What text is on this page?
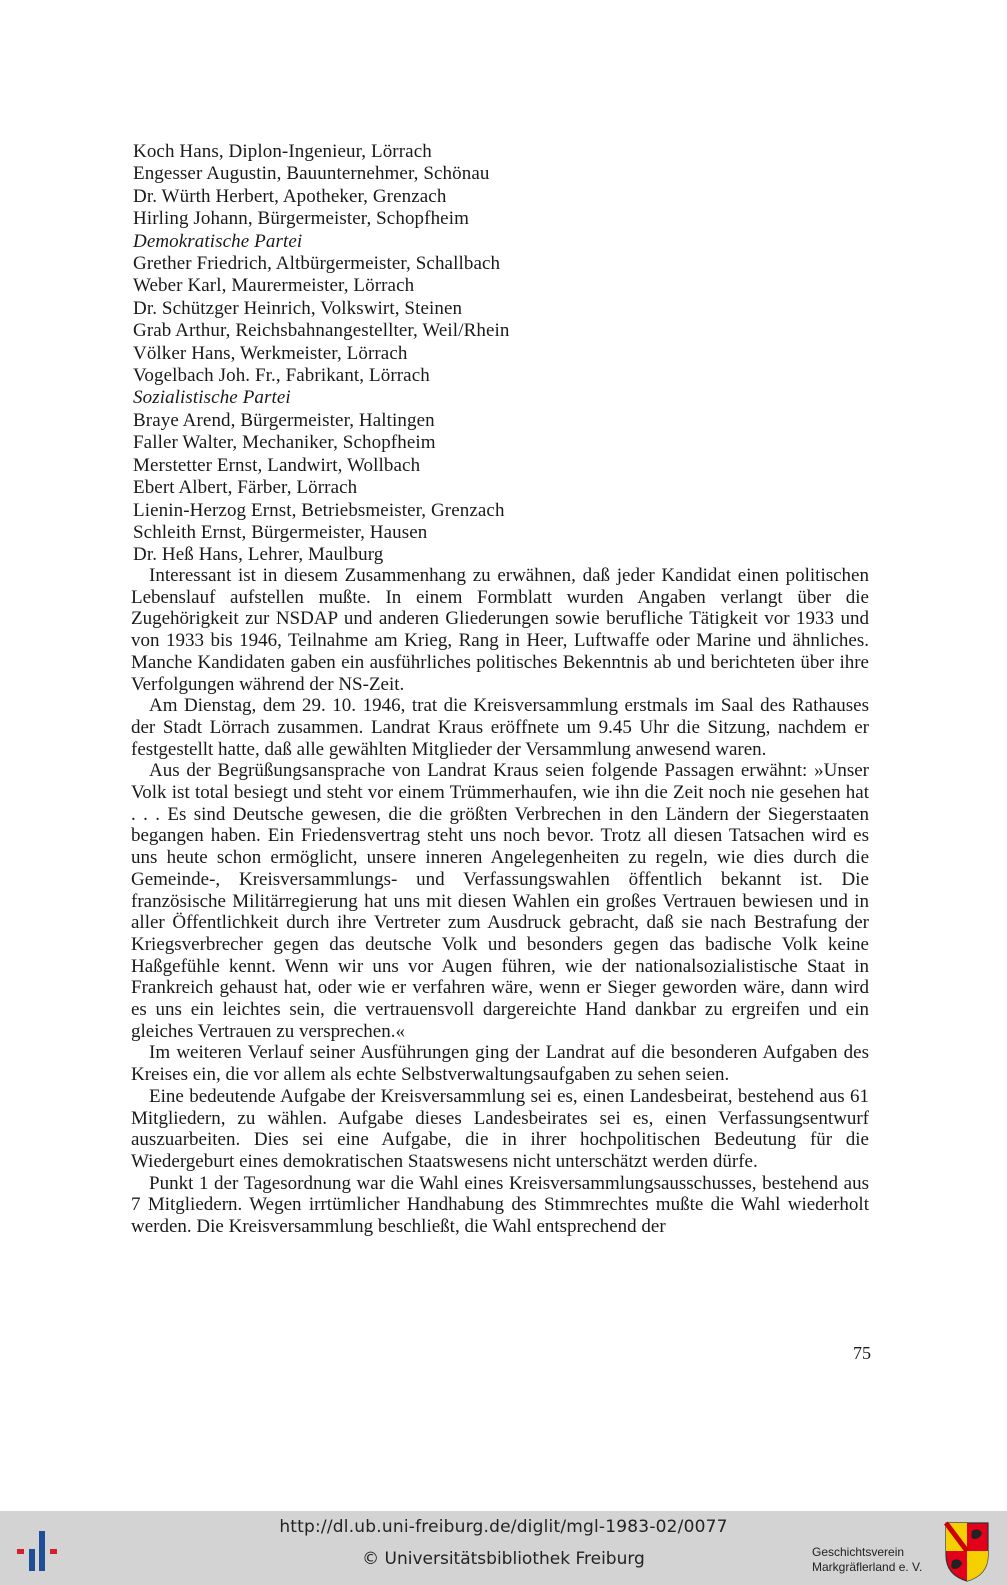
Koch Hans, Diplon-Ingenieur, Lörrach
Engesser Augustin, Bauunternehmer, Schönau
Dr. Würth Herbert, Apotheker, Grenzach
Hirling Johann, Bürgermeister, Schopfheim
Demokratische Partei
Grether Friedrich, Altbürgermeister, Schallbach
Weber Karl, Maurermeister, Lörrach
Dr. Schützger Heinrich, Volkswirt, Steinen
Grab Arthur, Reichsbahnangestellter, Weil/Rhein
Völker Hans, Werkmeister, Lörrach
Vogelbach Joh. Fr., Fabrikant, Lörrach
Sozialistische Partei
Braye Arend, Bürgermeister, Haltingen
Faller Walter, Mechaniker, Schopfheim
Merstetter Ernst, Landwirt, Wollbach
Ebert Albert, Färber, Lörrach
Lienin-Herzog Ernst, Betriebsmeister, Grenzach
Schleith Ernst, Bürgermeister, Hausen
Dr. Heß Hans, Lehrer, Maulburg

Interessant ist in diesem Zusammenhang zu erwähnen, daß jeder Kandidat einen politischen Lebenslauf aufstellen mußte. In einem Formblatt wurden Angaben verlangt über die Zugehörigkeit zur NSDAP und anderen Gliederungen sowie berufliche Tätigkeit vor 1933 und von 1933 bis 1946, Teilnahme am Krieg, Rang in Heer, Luftwaffe oder Marine und ähnliches. Manche Kandidaten gaben ein ausführliches politisches Bekenntnis ab und berichteten über ihre Verfolgungen während der NS-Zeit.

Am Dienstag, dem 29. 10. 1946, trat die Kreisversammlung erstmals im Saal des Rathauses der Stadt Lörrach zusammen. Landrat Kraus eröffnete um 9.45 Uhr die Sitzung, nachdem er festgestellt hatte, daß alle gewählten Mitglieder der Versammlung anwesend waren.

Aus der Begrüßungsansprache von Landrat Kraus seien folgende Passagen erwähnt: »Unser Volk ist total besiegt und steht vor einem Trümmerhaufen, wie ihn die Zeit noch nie gesehen hat . . . Es sind Deutsche gewesen, die die größten Verbrechen in den Ländern der Siegerstaaten begangen haben. Ein Friedensvertrag steht uns noch bevor. Trotz all diesen Tatsachen wird es uns heute schon ermöglicht, unsere inneren Angelegenheiten zu regeln, wie dies durch die Gemeinde-, Kreisversammlungs- und Verfassungswahlen öffentlich bekannt ist. Die französische Militärregierung hat uns mit diesen Wahlen ein großes Vertrauen bewiesen und in aller Öffentlichkeit durch ihre Vertreter zum Ausdruck gebracht, daß sie nach Bestrafung der Kriegsverbrecher gegen das deutsche Volk und besonders gegen das badische Volk keine Haßgefühle kennt. Wenn wir uns vor Augen führen, wie der nationalsozialistische Staat in Frankreich gehaust hat, oder wie er verfahren wäre, wenn er Sieger geworden wäre, dann wird es uns ein leichtes sein, die vertrauensvoll dargereichte Hand dankbar zu ergreifen und ein gleiches Vertrauen zu versprechen.«

Im weiteren Verlauf seiner Ausführungen ging der Landrat auf die besonderen Aufgaben des Kreises ein, die vor allem als echte Selbstverwaltungsaufgaben zu sehen seien.

Eine bedeutende Aufgabe der Kreisversammlung sei es, einen Landesbeirat, bestehend aus 61 Mitgliedern, zu wählen. Aufgabe dieses Landesbeirates sei es, einen Verfassungsentwurf auszuarbeiten. Dies sei eine Aufgabe, die in ihrer hochpolitischen Bedeutung für die Wiedergeburt eines demokratischen Staatswesens nicht unterschätzt werden dürfe.

Punkt 1 der Tagesordnung war die Wahl eines Kreisversammlungsausschusses, bestehend aus 7 Mitgliedern. Wegen irrtümlicher Handhabung des Stimmrechtes mußte die Wahl wiederholt werden. Die Kreisversammlung beschließt, die Wahl entsprechend der

75
http://dl.ub.uni-freiburg.de/diglit/mgl-1983-02/0077
© Universitätsbibliothek Freiburg	Geschichtsverein
Markgräflerland e. V.
